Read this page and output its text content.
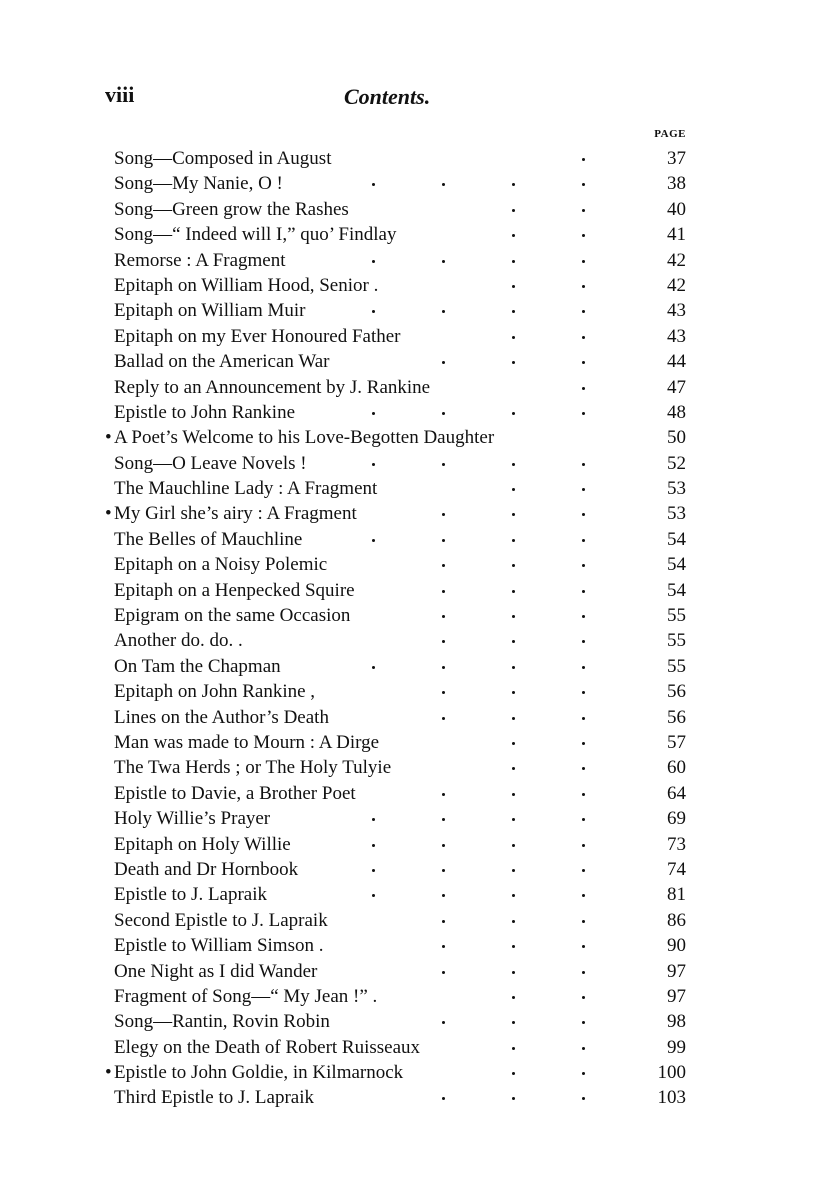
viii	Contents.
PAGE
Song—Composed in August	37
Song—My Nanie, O !	38
Song—Green grow the Rashes	40
Song—“ Indeed will I,” quo’ Findlay	41
Remorse : A Fragment	42
Epitaph on William Hood, Senior .	42
Epitaph on William Muir	43
Epitaph on my Ever Honoured Father	43
Ballad on the American War	44
Reply to an Announcement by J. Rankine	47
Epistle to John Rankine	48
• A Poet’s Welcome to his Love-Begotten Daughter	50
Song—O Leave Novels !	52
The Mauchline Lady : A Fragment	53
• My Girl she’s airy : A Fragment	53
The Belles of Mauchline	54
Epitaph on a Noisy Polemic	54
Epitaph on a Henpecked Squire	54
Epigram on the same Occasion	55
Another do. do. .	55
On Tam the Chapman	55
Epitaph on John Rankine ,	56
Lines on the Author’s Death	56
Man was made to Mourn : A Dirge	57
The Twa Herds ; or The Holy Tulyie	60
Epistle to Davie, a Brother Poet	64
Holy Willie’s Prayer	69
Epitaph on Holy Willie	73
Death and Dr Hornbook	74
Epistle to J. Lapraik	81
Second Epistle to J. Lapraik	86
Epistle to William Simson .	90
One Night as I did Wander	97
Fragment of Song—“ My Jean !” .	97
Song—Rantin, Rovin Robin	98
Elegy on the Death of Robert Ruisseaux	99
• Epistle to John Goldie, in Kilmarnock	100
Third Epistle to J. Lapraik	103
